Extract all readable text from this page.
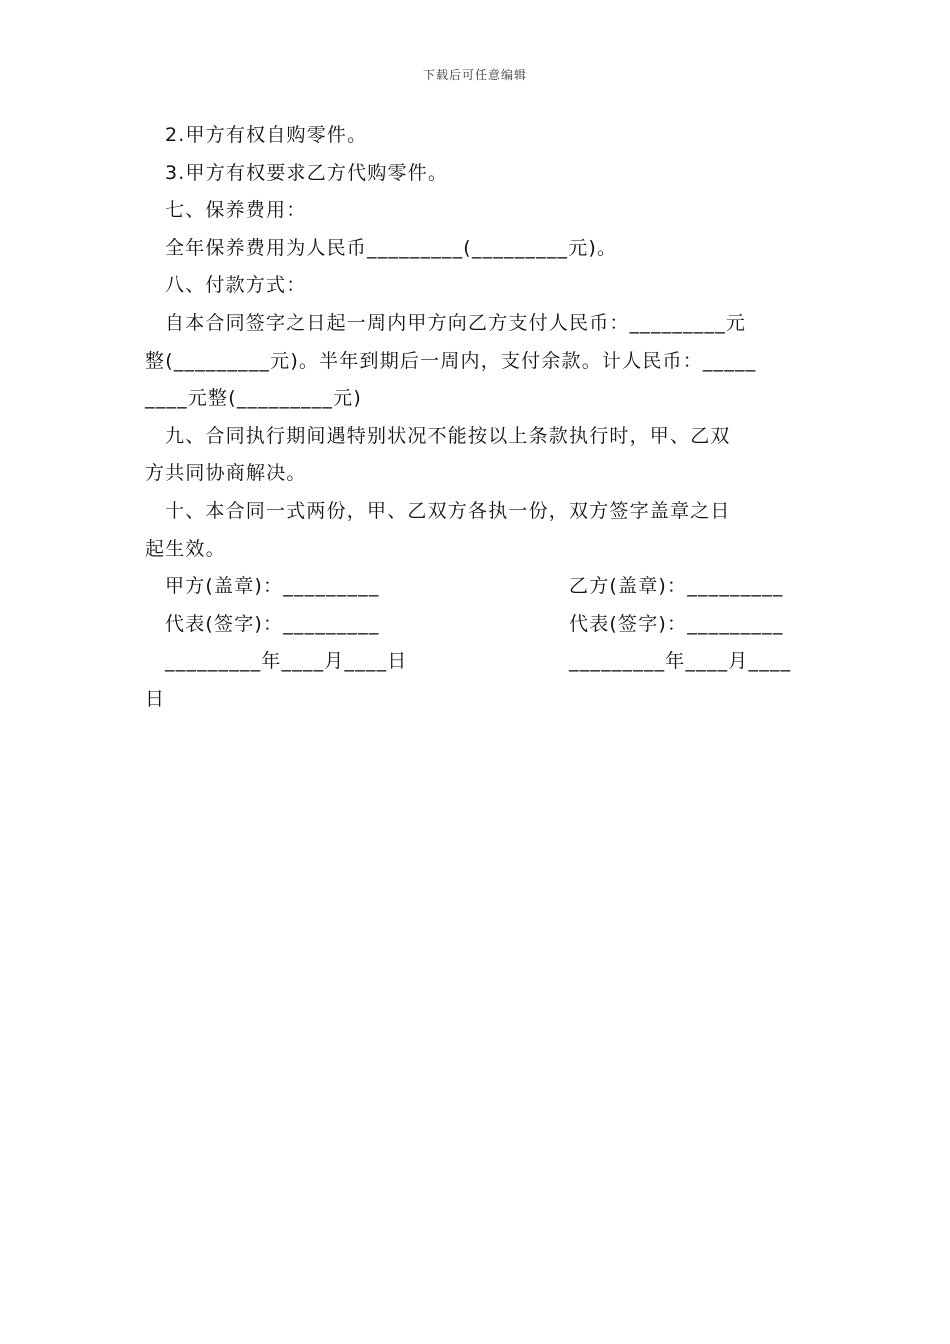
下载后可任意编辑
2.甲方有权自购零件。
3.甲方有权要求乙方代购零件。
七、保养费用：
全年保养费用为人民币_________(_________元)。
八、付款方式：
自本合同签字之日起一周内甲方向乙方支付人民币：_________元
整(_________元)。半年到期后一周内，支付余款。计人民币：_____
____元整(_________元)
九、合同执行期间遇特别状况不能按以上条款执行时，甲、乙双
方共同协商解决。
十、本合同一式两份，甲、乙双方各执一份，双方签字盖章之日
起生效。
甲方(盖章)：_________	乙方(盖章)：_________
代表(签字)：_________	代表(签字)：_________
_________年____月____日	_________年____月____
日
